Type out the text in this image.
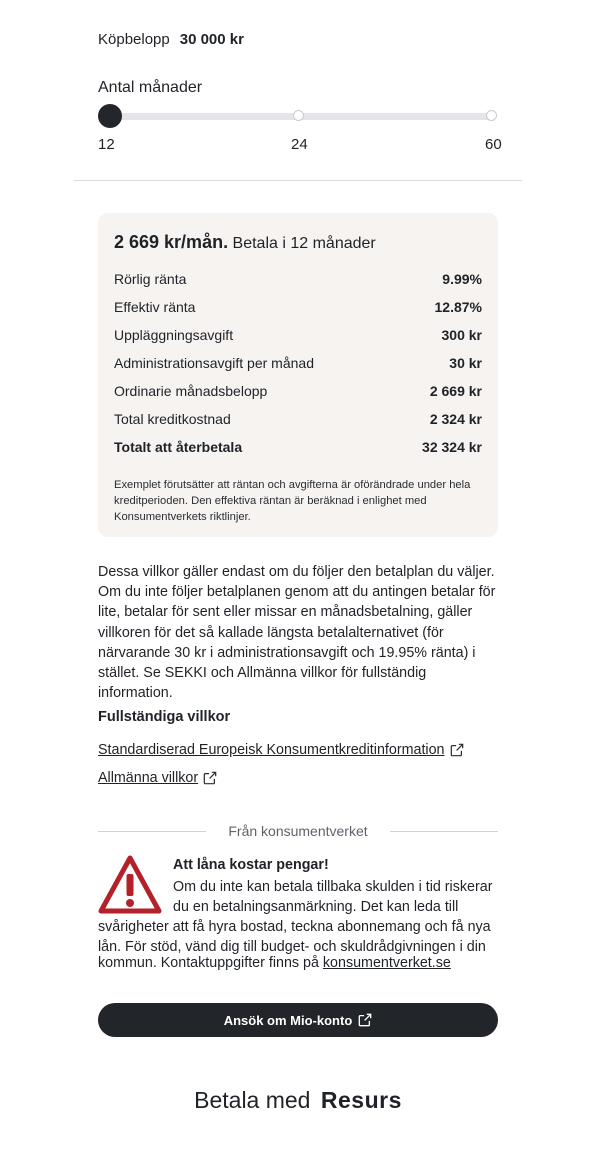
Köpbelopp 30 000 kr
Antal månader
12	24	60
2 669 kr/mån. Betala i 12 månader
Rörlig ränta	9.99%
Effektiv ränta	12.87%
Uppläggningsavgift	300 kr
Administrationsavgift per månad	30 kr
Ordinarie månadsbelopp	2 669 kr
Total kreditkostnad	2 324 kr
Totalt att återbetala	32 324 kr

Exemplet förutsätter att räntan och avgifterna är oförändrade under hela kreditperioden. Den effektiva räntan är beräknad i enlighet med Konsumentverkets riktlinjer.

Dessa villkor gäller endast om du följer den betalplan du väljer. Om du inte följer betalplanen genom att du antingen betalar för lite, betalar för sent eller missar en månadsbetalning, gäller villkoren för det så kallade längsta betalalternativet (för närvarande 30 kr i administrationsavgift och 19.95% ränta) i stället. Se SEKKI och Allmänna villkor för fullständig information.

Fullständiga villkor
Standardiserad Europeisk Konsumentkreditinformation
Allmänna villkor
Från konsumentverket
Att låna kostar pengar!
Om du inte kan betala tillbaka skulden i tid riskerar
du en betalningsanmärkning. Det kan leda till
svårigheter att få hyra bostad, teckna abonnemang och få nya
lån. För stöd, vänd dig till budget- och skuldrådgivningen i din
kommun. Kontaktuppgifter finns på konsumentverket.se
Ansök om Mio-konto
Betala med Resurs
